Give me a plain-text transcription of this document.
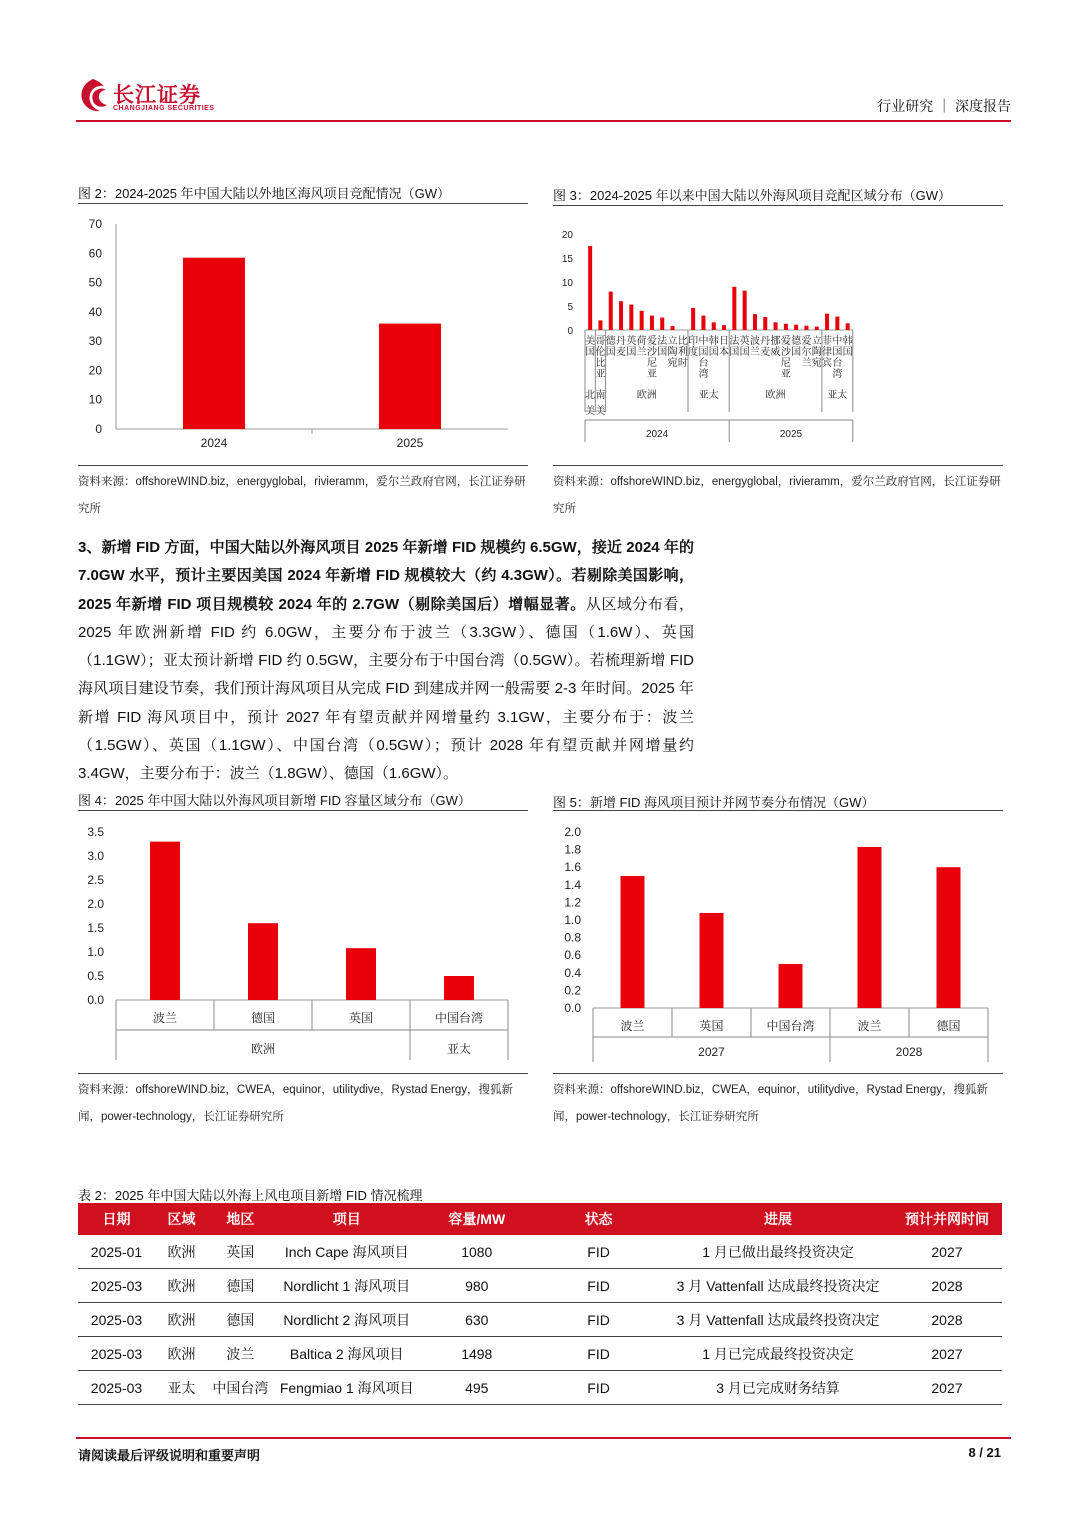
长江证券
CHANGJIANG SECURITIES	行业研究 ｜ 深度报告
图 2：2024-2025 年中国大陆以外地区海风项目竞配情况（GW）
0
10
20
30
40
50
60
70
2024	2025
资料来源：offshoreWIND.biz，energyglobal，rivieramm，爱尔兰政府官网，长江证券研究所
图 3：2024-2025 年以来中国大陆以外海风项目竞配区域分布（GW）
0
5
10
15
20
美
国
哥
伦
比
亚
德
国
丹
麦
英
国
荷
兰
爱
沙
尼
亚
法
国
立
陶
宛
比
利
时
印
度
中
国
台
湾
韩
国
日
本
法
国
英
国
波
兰
丹
麦
挪
威
爱
沙
尼
亚
德
国
爱
尔
兰
立
陶
宛
菲
律
宾
中
国
台
湾
韩
国
北
美
南
美
欧洲	亚太	欧洲	亚太
2024	2025
资料来源：offshoreWIND.biz，energyglobal，rivieramm，爱尔兰政府官网，长江证券研究所
3、新增 FID 方面，中国大陆以外海风项目 2025 年新增 FID 规模约 6.5GW，接近 2024 年的 7.0GW 水平，预计主要因美国 2024 年新增 FID 规模较大（约 4.3GW）。若剔除美国影响，2025 年新增 FID 项目规模较 2024 年的 2.7GW（剔除美国后）增幅显著。从区域分布看，2025 年欧洲新增 FID 约 6.0GW，主要分布于波兰（3.3GW）、德国（1.6W）、英国（1.1GW）；亚太预计新增 FID 约 0.5GW，主要分布于中国台湾（0.5GW）。若梳理新增 FID 海风项目建设节奏，我们预计海风项目从完成 FID 到建成并网一般需要 2-3 年时间。2025 年新增 FID 海风项目中，预计 2027 年有望贡献并网增量约 3.1GW，主要分布于：波兰（1.5GW）、英国（1.1GW）、中国台湾（0.5GW）；预计 2028 年有望贡献并网增量约 3.4GW，主要分布于：波兰（1.8GW）、德国（1.6GW）。
图 4：2025 年中国大陆以外海风项目新增 FID 容量区域分布（GW）
0.0
0.5
1.0
1.5
2.0
2.5
3.0
3.5
波兰	德国	英国	中国台湾
欧洲	亚太
资料来源：offshoreWIND.biz，CWEA，equinor，utilitydive，Rystad Energy，搜狐新闻，power-technology，长江证券研究所
图 5：新增 FID 海风项目预计并网节奏分布情况（GW）
0.0
0.2
0.4
0.6
0.8
1.0
1.2
1.4
1.6
1.8
2.0
波兰	英国	中国台湾	波兰	德国
2027	2028
资料来源：offshoreWIND.biz，CWEA，equinor，utilitydive，Rystad Energy，搜狐新闻，power-technology，长江证券研究所
表 2：2025 年中国大陆以外海上风电项目新增 FID 情况梳理
日期	区域	地区	项目	容量/MW	状态	进展	预计并网时间
2025-01	欧洲	英国	Inch Cape 海风项目	1080	FID	1 月已做出最终投资决定	2027
2025-03	欧洲	德国	Nordlicht 1 海风项目	980	FID	3 月 Vattenfall 达成最终投资决定	2028
2025-03	欧洲	德国	Nordlicht 2 海风项目	630	FID	3 月 Vattenfall 达成最终投资决定	2028
2025-03	欧洲	波兰	Baltica 2 海风项目	1498	FID	1 月已完成最终投资决定	2027
2025-03	亚太	中国台湾	Fengmiao 1 海风项目	495	FID	3 月已完成财务结算	2027
请阅读最后评级说明和重要声明	8 / 21
